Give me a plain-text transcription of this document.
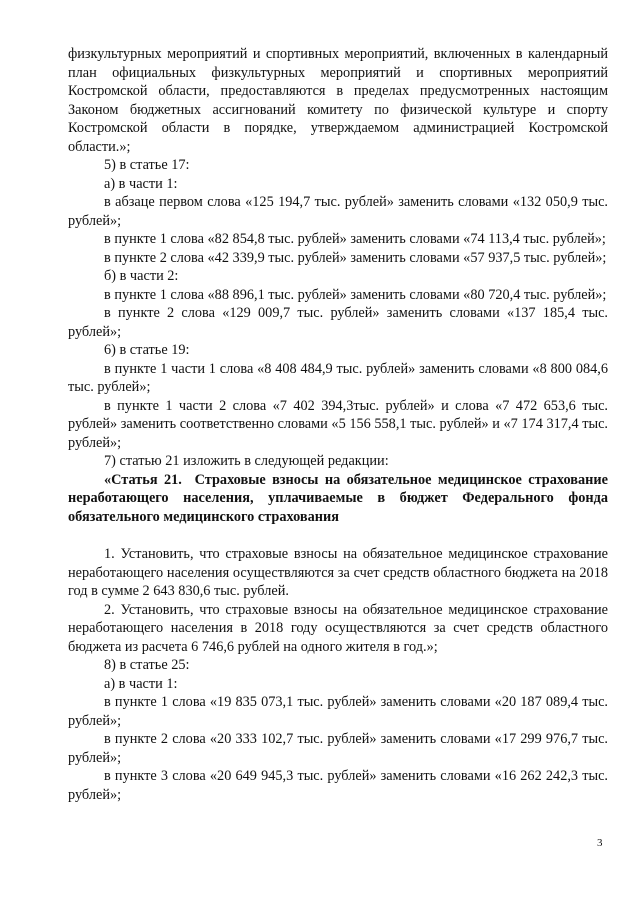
физкультурных мероприятий и спортивных мероприятий, включенных в календарный план официальных физкультурных мероприятий и спортивных мероприятий Костромской области, предоставляются в пределах предусмотренных настоящим Законом бюджетных ассигнований комитету по физической культуре и спорту Костромской области в порядке, утверждаемом администрацией Костромской области.»;

5) в статье 17:

а) в части 1:

в абзаце первом слова «125 194,7 тыс. рублей» заменить словами «132 050,9 тыс. рублей»;

в пункте 1 слова «82 854,8 тыс. рублей» заменить словами «74 113,4 тыс. рублей»;

в пункте 2 слова «42 339,9 тыс. рублей» заменить словами «57 937,5 тыс. рублей»;

б) в части 2:

в пункте 1 слова «88 896,1 тыс. рублей» заменить словами «80 720,4 тыс. рублей»;

в пункте 2 слова «129 009,7 тыс. рублей» заменить словами «137 185,4 тыс. рублей»;

6) в статье 19:

в пункте 1 части 1 слова «8 408 484,9 тыс. рублей» заменить словами «8 800 084,6 тыс. рублей»;

в пункте 1 части 2 слова «7 402 394,3тыс. рублей» и слова «7 472 653,6 тыс. рублей» заменить соответственно словами «5 156 558,1 тыс. рублей» и «7 174 317,4 тыс. рублей»;

7) статью 21 изложить в следующей редакции:

«Статья 21. Страховые взносы на обязательное медицинское страхование неработающего населения, уплачиваемые в бюджет Федерального фонда обязательного медицинского страхования

1. Установить, что страховые взносы на обязательное медицинское страхование неработающего населения осуществляются за счет средств областного бюджета на 2018 год в сумме 2 643 830,6 тыс. рублей.

2. Установить, что страховые взносы на обязательное медицинское страхование неработающего населения в 2018 году осуществляются за счет средств областного бюджета из расчета 6 746,6 рублей на одного жителя в год.»;

8) в статье 25:

а) в части 1:

в пункте 1 слова «19 835 073,1 тыс. рублей» заменить словами «20 187 089,4 тыс. рублей»;

в пункте 2 слова «20 333 102,7 тыс. рублей» заменить словами «17 299 976,7 тыс. рублей»;

в пункте 3 слова «20 649 945,3 тыс. рублей» заменить словами «16 262 242,3 тыс. рублей»;

3
